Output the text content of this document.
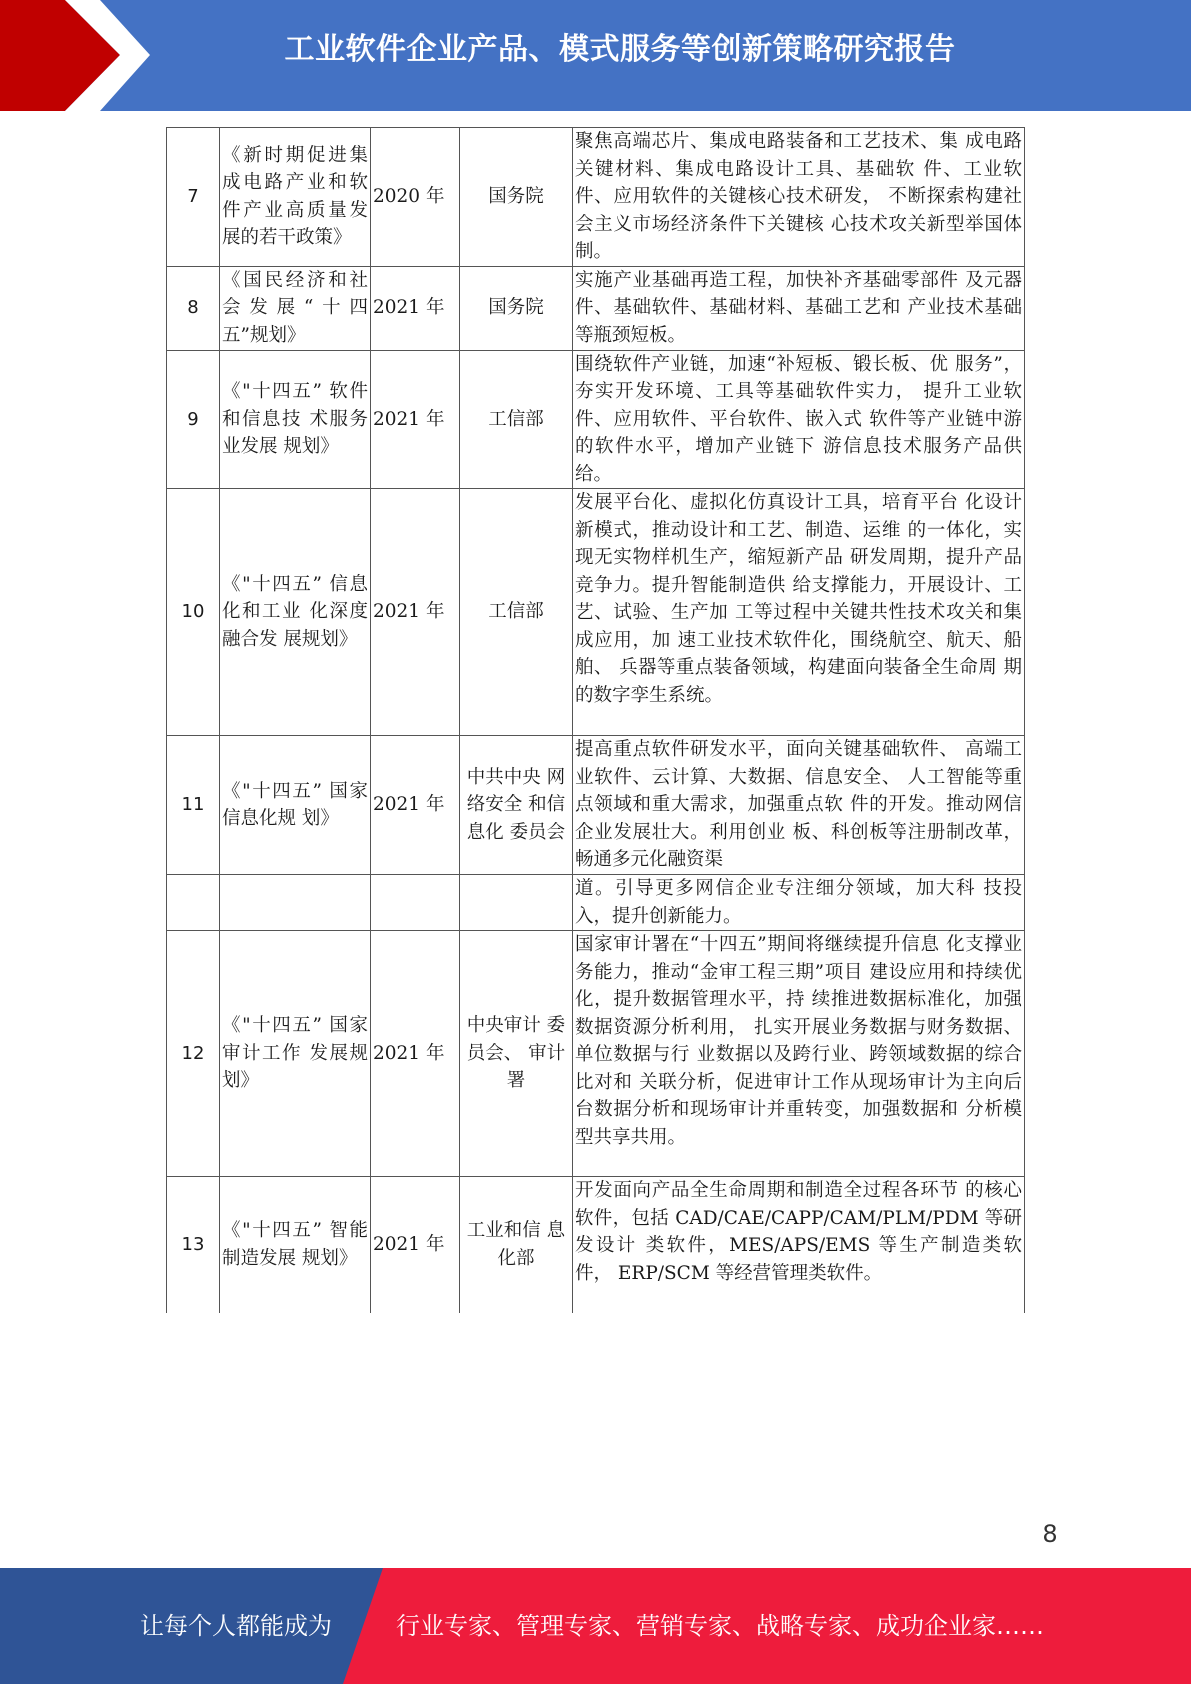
工业软件企业产品、模式服务等创新策略研究报告
7	《新时期促进集成电路产业和软件产业高质量发展的若干政策》	2020 年	国务院	聚焦高端芯片、集成电路装备和工艺技术、集 成电路关键材料、集成电路设计工具、基础软 件、工业软件、应用软件的关键核心技术研发， 不断探索构建社会主义市场经济条件下关键核 心技术攻关新型举国体制。
8	《国民经济和社会发展“十四五”规划》	2021 年	国务院	实施产业基础再造工程，加快补齐基础零部件 及元器件、基础软件、基础材料、基础工艺和 产业技术基础等瓶颈短板。
9	《"十四五” 软件和信息技 术服务业发展 规划》	2021 年	工信部	围绕软件产业链，加速“补短板、锻长板、优 服务”，夯实开发环境、工具等基础软件实力， 提升工业软件、应用软件、平台软件、嵌入式 软件等产业链中游的软件水平，增加产业链下 游信息技术服务产品供给。
10	《"十四五” 信息化和工业 化深度融合发 展规划》	2021 年	工信部	发展平台化、虚拟化仿真设计工具，培育平台 化设计新模式，推动设计和工艺、制造、运维 的一体化，实现无实物样机生产，缩短新产品 研发周期，提升产品竞争力。提升智能制造供 给支撑能力，开展设计、工艺、试验、生产加 工等过程中关键共性技术攻关和集成应用，加 速工业技术软件化，围绕航空、航天、船舶、 兵器等重点装备领域，构建面向装备全生命周 期的数字孪生系统。
11	《"十四五” 国家信息化规 划》	2021 年	中共中央 网络安全 和信息化 委员会	提高重点软件研发水平，面向关键基础软件、 高端工业软件、云计算、大数据、信息安全、 人工智能等重点领域和重大需求，加强重点软 件的开发。推动网信企业发展壮大。利用创业 板、科创板等注册制改革，畅通多元化融资渠
				道。引导更多网信企业专注细分领域，加大科 技投入，提升创新能力。
12	《"十四五” 国家审计工作 发展规划》	2021 年	中央审计 委员会、 审计署	国家审计署在“十四五”期间将继续提升信息 化支撑业务能力，推动“金审工程三期”项目 建设应用和持续优化，提升数据管理水平，持 续推进数据标准化，加强数据资源分析利用， 扎实开展业务数据与财务数据、单位数据与行 业数据以及跨行业、跨领域数据的综合比对和 关联分析，促进审计工作从现场审计为主向后 台数据分析和现场审计并重转变，加强数据和 分析模型共享共用。
13	《"十四五” 智能制造发展 规划》	2021 年	工业和信 息化部	开发面向产品全生命周期和制造全过程各环节 的核心软件，包括 CAD/CAE/CAPP/CAM/PLM/PDM 等研发设计 类软件，MES/APS/EMS 等生产制造类软件， ERP/SCM 等经营管理类软件。
8
让每个人都能成为	行业专家、管理专家、营销专家、战略专家、成功企业家……
